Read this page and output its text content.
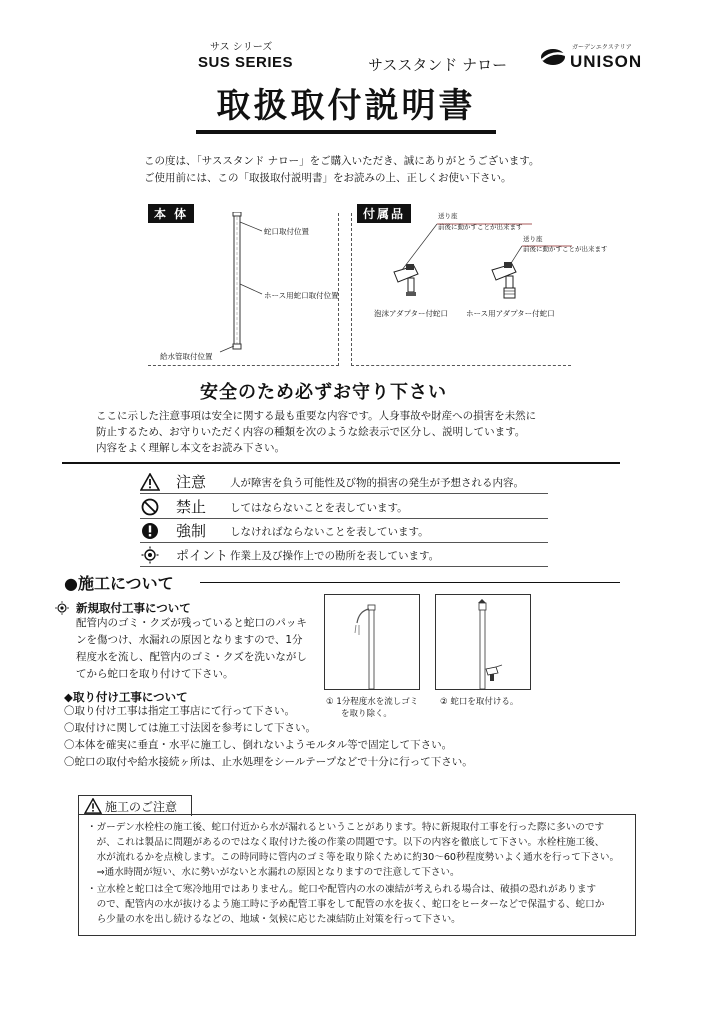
サス シリーズ
SUS SERIES	サススタンド ナロー
ガーデンエクステリア
UNISON
取扱取付説明書
この度は、「サススタンド ナロー」をご購入いただき、誠にありがとうございます。
ご使用前には、この「取扱取付説明書」をお読みの上、正しくお使い下さい。
本 体
蛇口取付位置
ホース用蛇口取付位置
給水管取付位置
付属品	送り座
前後に動かすことが出来ます
送り座
前後に動かすことが出来ます
泡沫アダプター付蛇口 ホース用アダプター付蛇口
安全のため必ずお守り下さい
ここに示した注意事項は安全に関する最も重要な内容です。人身事故や財産への損害を未然に
防止するため、お守りいただく内容の種類を次のような絵表示で区分し、説明しています。
内容をよく理解し本文をお読み下さい。
注意 人が障害を負う可能性及び物的損害の発生が予想される内容。
禁止 してはならないことを表しています。
強制 しなければならないことを表しています。
ポイント 作業上及び操作上での勘所を表しています。
●施工について
新規取付工事について
配管内のゴミ・クズが残っていると蛇口のパッキ
ンを傷つけ、水漏れの原因となりますので、1分
程度水を流し、配管内のゴミ・クズを洗いながし
てから蛇口を取り付けて下さい。
① 1分程度水を流しゴミ
を取り除く。
② 蛇口を取付ける。
◆取り付け工事について
〇取り付け工事は指定工事店にて行って下さい。
〇取付けに関しては施工寸法図を参考にして下さい。
〇本体を確実に垂直・水平に施工し、倒れないようモルタル等で固定して下さい。
〇蛇口の取付や給水接続ヶ所は、止水処理をシールテープなどで十分に行って下さい。
施工のご注意
・ガーデン水栓柱の施工後、蛇口付近から水が漏れるということがあります。特に新規取付工事を行った際に多いのです
　が、これは製品に問題があるのではなく取付けた後の作業の問題です。以下の内容を徹底して下さい。水栓柱施工後、
　水が流れるかを点検します。この時同時に管内のゴミ等を取り除くために約30～60秒程度勢いよく通水を行って下さい。
　⇒通水時間が短い、水に勢いがないと水漏れの原因となりますので注意して下さい。
・立水栓と蛇口は全て寒冷地用ではありません。蛇口や配管内の水の凍結が考えられる場合は、破損の恐れがあります
　ので、配管内の水が抜けるよう施工時に予め配管工事をして配管の水を抜く、蛇口をヒーターなどで保温する、蛇口か
　ら少量の水を出し続けるなどの、地域・気候に応じた凍結防止対策を行って下さい。
